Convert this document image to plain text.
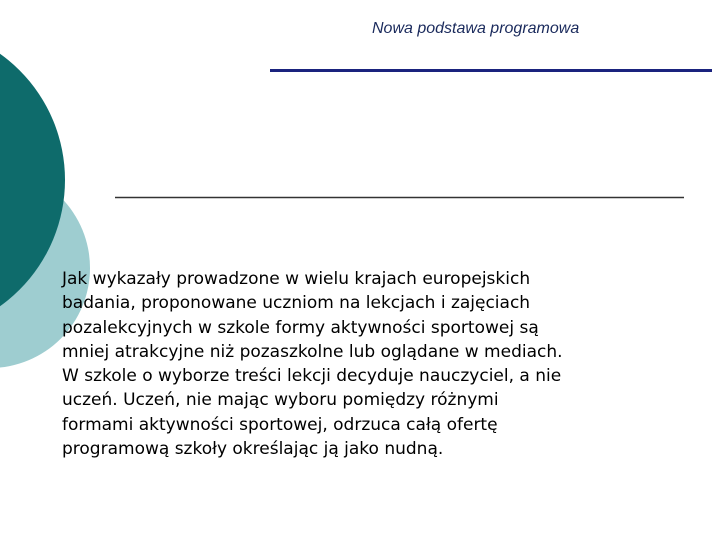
Nowa podstawa programowa

Jak wykazały prowadzone w wielu krajach europejskich
badania, proponowane uczniom na lekcjach i zajęciach
pozalekcyjnych w szkole formy aktywności sportowej są
mniej atrakcyjne niż pozaszkolne lub oglądane w mediach.
W szkole o wyborze treści lekcji decyduje nauczyciel, a nie
uczeń. Uczeń, nie mając wyboru pomiędzy różnymi
formami aktywności sportowej, odrzuca całą ofertę
programową szkoły określając ją jako nudną.
